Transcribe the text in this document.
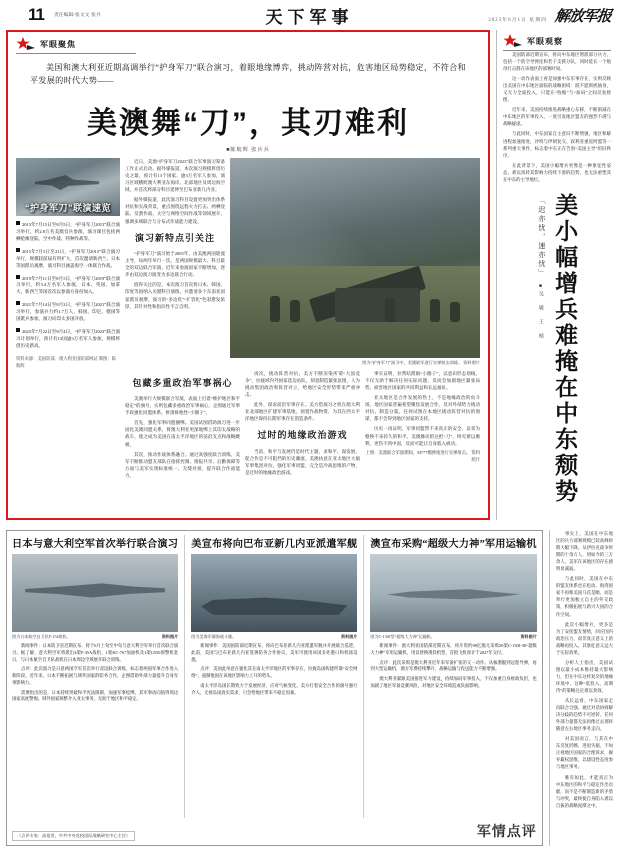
11 责任编辑/张文文 张丹	天下军事	2023年6月1日 星期四 解放军报
军眼聚焦
美国和澳大利亚近期高调举行“护身军刀”联合演习，着眼地缘博弈，挑动阵营对抗，危害地区局势稳定，不符合和平发展的时代大势——
美澳舞“刀”，其刃难利
■陈航辉 张兵兵
“护身军刀”联演速览
2013年7月15日至8月5日，“护身军刀2013”联合演习举行，约2.8万名美澳官兵参演，演习课目包括两栖抢滩登陆、空中作战、特种作战等。
2015年7月5日至21日，“护身军刀2015”联合演习举行，规模较前届有所扩大，首次邀请新西兰、日本等国派员观摩，演习科目涵盖海空一体联合作战。
2019年7月11日至8月5日，“护身军刀2019”联合演习举行，约3.4万名军人参演，日本、英国、加拿大、新西兰等国首次以参演方身份加入。
2021年7月14日至8月2日，“护身军刀2021”联合演习举行，参演兵力约1.7万人，韩国、印尼、德国等国派兵参加，演习向印太多国开放。
2023年7月22日至8月4日，“护身军刀2023”联合演习计划举行，预计有13国逾3万名军人参加，规模将创历史新高。
资料来源：美国防部、澳大利亚国防部网站 制图：陈航辉

近日，美澳“护身军刀2023”联合军事演习筹备工作正式启动。据外媒报道，本次演习规模将创历史之最，预计有13个国家、逾3万名军人参加，演习区域横跨澳大利亚东海岸、北部地区及周边海空域，并首次将部分科目延伸至巴布亚新几内亚。

据外媒报道，此次演习科目设置更加突出体系对抗和实战背景，重点围绕远程火力打击、两栖登陆、反潜作战、太空与网络空间作战等领域展开，强调多域联合与分布式作战能力建设。

演习新特点引关注

“护身军刀”演习始于2005年，由美澳两国轮流主导，每两年举行一次，是两国规模最大、科目最全的双边联合军演，近年来参演国家不断增加，逐步由双边演习演变为多边联合行动。

值得关注的是，本次演习首次将日本、韩国、印度等国纳入关键科目演练，并邀请多个东南亚国家派员观摩，演习的“多边化”“扩容化”色彩愈发浓厚，其针对性和指向性不言自明。

图为“护身军刀”演习中，美澳联军进行实弹射击训练。 资料照片
包藏多重政治军事祸心

美澳举行大规模联合军演，表面上打着“维护地区和平稳定”的旗号，实则包藏多重政治军事祸心，企图通过军事手段强化同盟体系、拼凑排他性“小圈子”。

首先，强化军事同盟捆绑。美国试图借助演习进一步固化美澳同盟关系，将澳大利亚更深地绑上其印太战略的战车，使之成为美国在南太平洋地区的前沿支点和战略跳板。

其次，推动作战体系融合。通过高强度联合训练，美军不断推动盟友部队在指挥控制、情报共享、后勤保障等方面与美军实现标准统一、无缝对接，提升联合作战能力。

再次，挑动阵营对抗。美方不断渲染所谓“大国竞争”，拉拢域内外国家选边站队，刻意制造紧张氛围，人为挑动集团政治和阵营对立，给地区安全形势带来严重冲击。

此外，谋求前沿军事存在。美方借演习之机在澳大利亚北部地区扩建军事基地、预置作战物资，为其在西太平洋地区保持长期军事存在创造条件。

过时的地缘政治游戏

当前，和平与发展仍是时代主题，求和平、谋发展、促合作是不可阻挡的历史潮流。美澳执意在亚太地区大搞军事集团对抗，强化军事同盟，完全是冷战思维的产物，是过时的地缘政治游戏。

事实证明，拉帮结派搞“小圈子”，以意识形态划线，不仅无助于解决任何实际问题，反而会加剧地区紧张局势，损害地区国家的共同利益和长远福祉。

亚太地区是合作发展的热土，不是地缘政治的角斗场。地区国家普遍希望聚焦发展合作，反对外部势力挑动对抗、制造分裂。任何试图在本地区挑动阵营对抗的图谋，都不会得到地区国家的支持。

历史一再证明，军事同盟带不来真正的安全，以邻为壑换不来持久的和平。美澳舞动的这把“刀”，终究难以磨利，更伤不到中国，反而可能让自身陷入被动。

上图：美澳联合军演期间，M777榴弹炮进行实弹射击。 资料照片
军眼观察

美国防部近期宣布，将向中东地区增派部分兵力，包括一个防空导弹连和若干支援分队，同时延长一个航母打击群在该地区的部署时间。

这一动作表面上看是加强中东军事存在，实则反映出美国在中东地区面临的战略困境：既不愿彻底抽身，又无力全面投入，只能在“收缩”与“加码”之间反复摇摆。

近年来，美国持续推进战略重心东移，不断削减在中东地区的军事投入，一度引发地区盟友的强烈不满与战略疑虑。

与此同时，中东国家自主意识不断增强，地区和解进程加速推进，沙特与伊朗复交、叙利亚重返阿盟等一系列重大事件，标志着中东正在告别“美国主导”的旧秩序。

在此背景下，美国小幅增兵更像是一种象征性姿态，难以扭转其影响力持续下滑的趋势，也无法重塑其在中东的主导地位。

美小幅增兵难掩在中东颓势
「迟亦忧，速亦忧」
■吴 敏 王 桢
日本与意大利空军首次举行联合演习
图为日本航空自卫队F-15J战机。	资料图片

新闻事件：日本防卫省近期宣布，将于6月上旬至中旬与意大利空军举行首次联合演习。据了解，意大利空军将派出4架F-35A战机、1架KC-767加油机及1架G550预警机赴日，与日本航空自卫队战机在日本周边空域展开联合训练。

点评：此次演习是日意两国空军首次举行双边联合训练，标志着两国军事合作进入新阶段。近年来，日本不断拓展与域外国家的防务合作，企图借助外部力量提升自身军事影响力。

需要指出的是，日本持续突破和平宪法限制，加速军事松绑，其军事动向值得周边国家高度警惕。域外国家频繁介入亚太事务，无助于地区和平稳定。

美宣布将向巴布亚新几内亚派遣军舰
图为美海军濒海战斗舰。	资料图片

新闻事件：美国国防部近期宣布，将向巴布亚新几内亚派遣军舰并开展联合巡逻。此前，美国与巴布亚新几内亚签署防务合作协议，美军可使用该国多处港口和机场设施。

点评：美国此举意在强化其在南太平洋地区的军事存在，拉拢岛国构建所谓“安全网络”，遏制他国在该地区影响力上升的势头。

南太平洋岛国长期致力于发展经济、应对气候变化。美方打着安全合作的旗号强行介入，无视岛国真实需求，只会给地区带来不稳定因素。

澳宣布采购“超级大力神”军用运输机
图为C-130J型“超级大力神”运输机。	资料图片

新闻事件：澳大利亚国防部近期宣布，将斥资约98亿澳元采购20架C-130J-30“超级大力神”军用运输机，用以替换现役机型，首批飞机预计于2027年交付。

点评：此次采购是澳大利亚近年来军备扩张的又一动作。从核潜艇到远程导弹，再到大型运输机，澳方军费持续攀升，战略运输与投送能力不断增强。

澳大利亚紧跟美国推进军力建设，持续加码军事投入，不仅加重自身财政负担，也加剧了地区军备竞赛风险，对地区安全环境造成负面影响。

（点评专家：高祖贵，中共中央党校国际战略研究中心主任）	军情点评

事实上，美国在中东地区的兵力部署规模已较高峰时期大幅下降。从伊拉克战争时期的十余万人，到如今的三万余人，美军在该地区的存在感明显减弱。

与此同时，美国在中东的盟友体系也在松动。海湾国家不再唯美国马首是瞻，而是奉行更加独立自主的外交政策，积极拓展与新兴大国的合作空间。

此次小幅增兵，更多是为了安抚盟友情绪，回应国内政治压力，而非真正意义上的战略再投入。其象征意义远大于实际效果。

分析人士指出，美国试图以最小成本维持最大影响力，但在中东这样复杂的地缘环境中，这种“低投入、高期待”的策略注定难以奏效。

从长远看，中东国家走向联合自强、通过对话协商解决分歧的趋势不可逆转。任何外部力量都无法再像过去那样随意左右地区事务走向。

对美国而言，与其在中东反复折腾、进退失据，不如正视地区国家的合理诉求，摒弃霸权思维，以建设性态度参与地区事务。

唯有如此，才能真正为中东地区的和平与稳定作出贡献，而不是不断制造新的矛盾与冲突，最终使自身陷入难以自拔的战略泥潭之中。
